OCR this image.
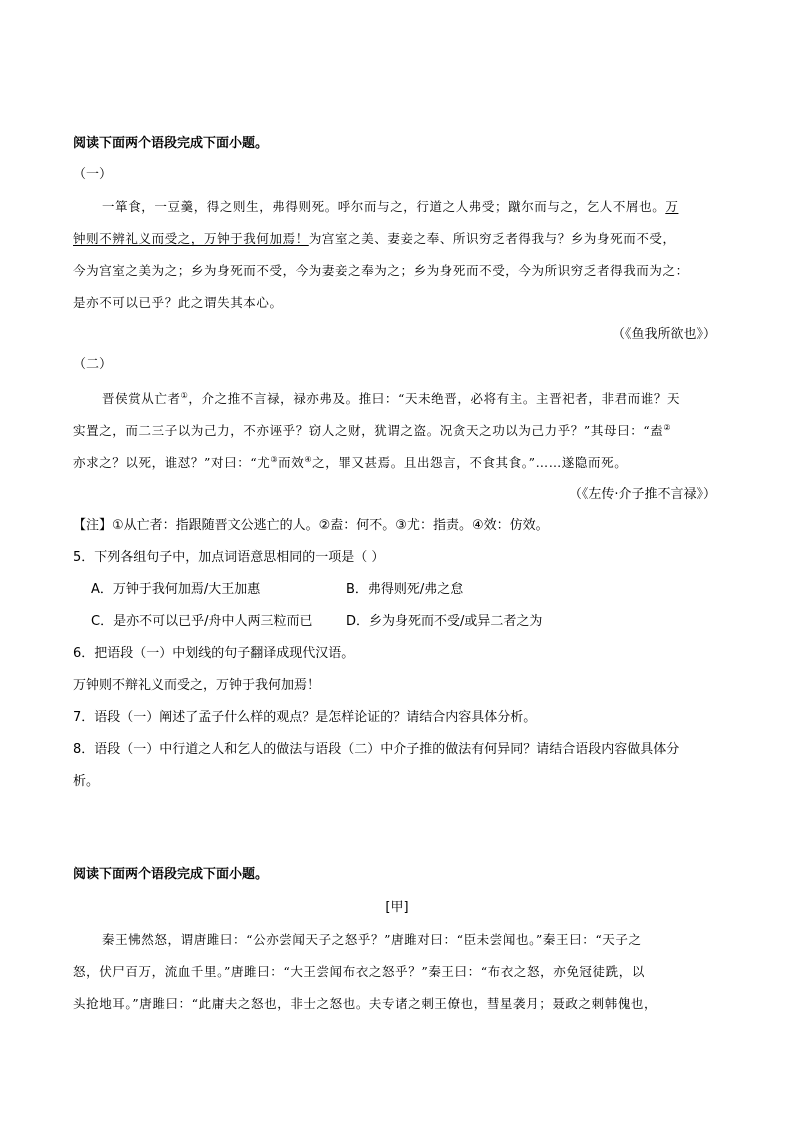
阅读下面两个语段完成下面小题。
（一）
一箪食，一豆羹，得之则生，弗得则死。呼尔而与之，行道之人弗受；蹴尔而与之，乞人不屑也。万
钟则不辨礼义而受之，万钟于我何加焉！为宫室之美、妻妾之奉、所识穷乏者得我与？乡为身死而不受，
今为宫室之美为之；乡为身死而不受，今为妻妾之奉为之；乡为身死而不受，今为所识穷乏者得我而为之：
是亦不可以已乎？此之谓失其本心。
（《鱼我所欲也》）
（二）
晋侯赏从亡者①，介之推不言禄，禄亦弗及。推曰：“天未绝晋，必将有主。主晋祀者，非君而谁？天
实置之，而二三子以为己力，不亦诬乎？窃人之财，犹谓之盗。况贪天之功以为己力乎？”其母曰：“盍②
亦求之？以死，谁怼？”对曰：“尤③而效④之，罪又甚焉。且出怨言，不食其食。”……遂隐而死。
（《左传·介子推不言禄》）
【注】①从亡者：指跟随晋文公逃亡的人。②盍：何不。③尤：指责。④效：仿效。
5．下列各组句子中，加点词语意思相同的一项是（ ）
A．万钟于我何加焉/大王加惠	B．弗得则死/弗之怠
C．是亦不可以已乎/舟中人两三粒而已	D．乡为身死而不受/或异二者之为
6．把语段（一）中划线的句子翻译成现代汉语。
万钟则不辩礼义而受之，万钟于我何加焉！
7．语段（一）阐述了孟子什么样的观点？是怎样论证的？请结合内容具体分析。
8．语段（一）中行道之人和乞人的做法与语段（二）中介子推的做法有何异同？请结合语段内容做具体分
析。
阅读下面两个语段完成下面小题。
[甲]
秦王怫然怒，谓唐雎曰：“公亦尝闻天子之怒乎？”唐雎对曰：“臣未尝闻也。”秦王曰：“天子之
怒，伏尸百万，流血千里。”唐雎曰：“大王尝闻布衣之怒乎？”秦王曰：“布衣之怒，亦免冠徒跣，以
头抢地耳。”唐雎曰：“此庸夫之怒也，非士之怒也。夫专诸之刺王僚也，彗星袭月；聂政之刺韩傀也，
